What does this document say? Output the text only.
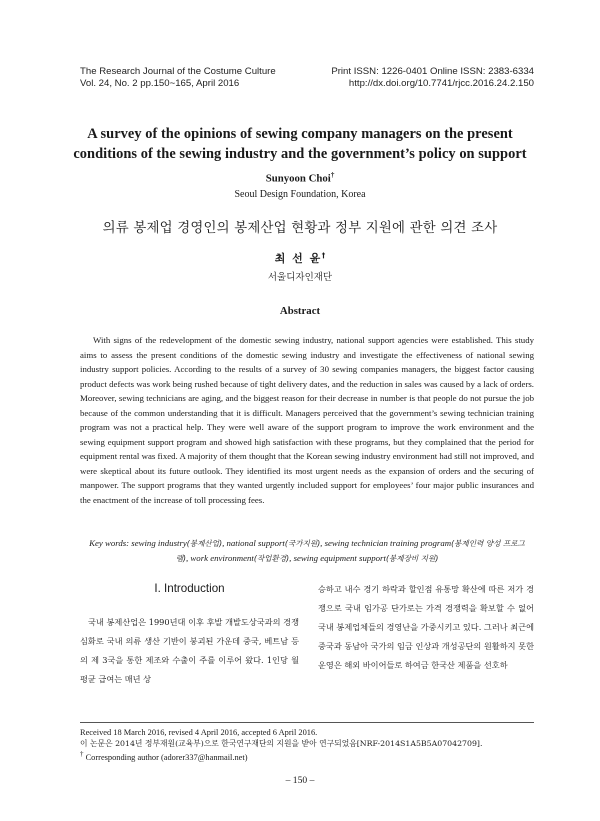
The Research Journal of the Costume Culture	Print ISSN: 1226-0401 Online ISSN: 2383-6334
Vol. 24, No. 2 pp.150~165, April 2016	http://dx.doi.org/10.7741/rjcc.2016.24.2.150
A survey of the opinions of sewing company managers on the present
conditions of the sewing industry and the government’s policy on support
Sunyoon Choi†
Seoul Design Foundation, Korea
의류 봉제업 경영인의 봉제산업 현황과 정부 지원에 관한 의견 조사
최 선 윤†
서울디자인재단
Abstract
With signs of the redevelopment of the domestic sewing industry, national support agencies were established. This study aims to assess the present conditions of the domestic sewing industry and investigate the effectiveness of national sewing industry support policies. According to the results of a survey of 30 sewing companies managers, the biggest factor causing product defects was work being rushed because of tight delivery dates, and the reduction in sales was caused by a lack of orders. Moreover, sewing technicians are aging, and the biggest reason for their decrease in number is that people do not pursue the job because of the common understanding that it is difficult. Managers perceived that the government’s sewing technician training program was not a practical help. They were well aware of the support program to improve the work environment and the sewing equipment support program and showed high satisfaction with these programs, but they complained that the period for equipment rental was fixed. A majority of them thought that the Korean sewing industry environment had still not improved, and were skeptical about its future outlook. They identified its most urgent needs as the expansion of orders and the securing of manpower. The support programs that they wanted urgently included support for employees’ four major public insurances and the enactment of the increase of toll processing fees.
Key words: sewing industry(봉제산업), national support(국가지원), sewing technician training program(봉제인력 양성 프로그램), work environment(작업환경), sewing equipment support(봉제장비 지원)
I. Introduction
국내 봉제산업은 1990년대 이후 후발 개발도상국과의 경쟁심화로 국내 의류 생산 기반이 붕괴된 가운데 중국, 베트남 등의 제 3국을 통한 제조와 수출이 주를 이루어 왔다. 1인당 월평균 급여는 매년 상
승하고 내수 경기 하락과 할인점 유통망 확산에 따른 저가 경쟁으로 국내 임가공 단가로는 가격 경쟁력을 확보할 수 없어 국내 봉제업체들의 경영난을 가중시키고 있다. 그러나 최근에 중국과 동남아 국가의 임금 인상과 개성공단의 원활하지 못한 운영은 해외 바이어들로 하여금 한국산 제품을 선호하
Received 18 March 2016, revised 4 April 2016, accepted 6 April 2016.
이 논문은 2014년 정부재원(교육부)으로 한국연구재단의 지원을 받아 연구되었음[NRF-2014S1A5B5A07042709].
† Corresponding author (adorer337@hanmail.net)
– 150 –
